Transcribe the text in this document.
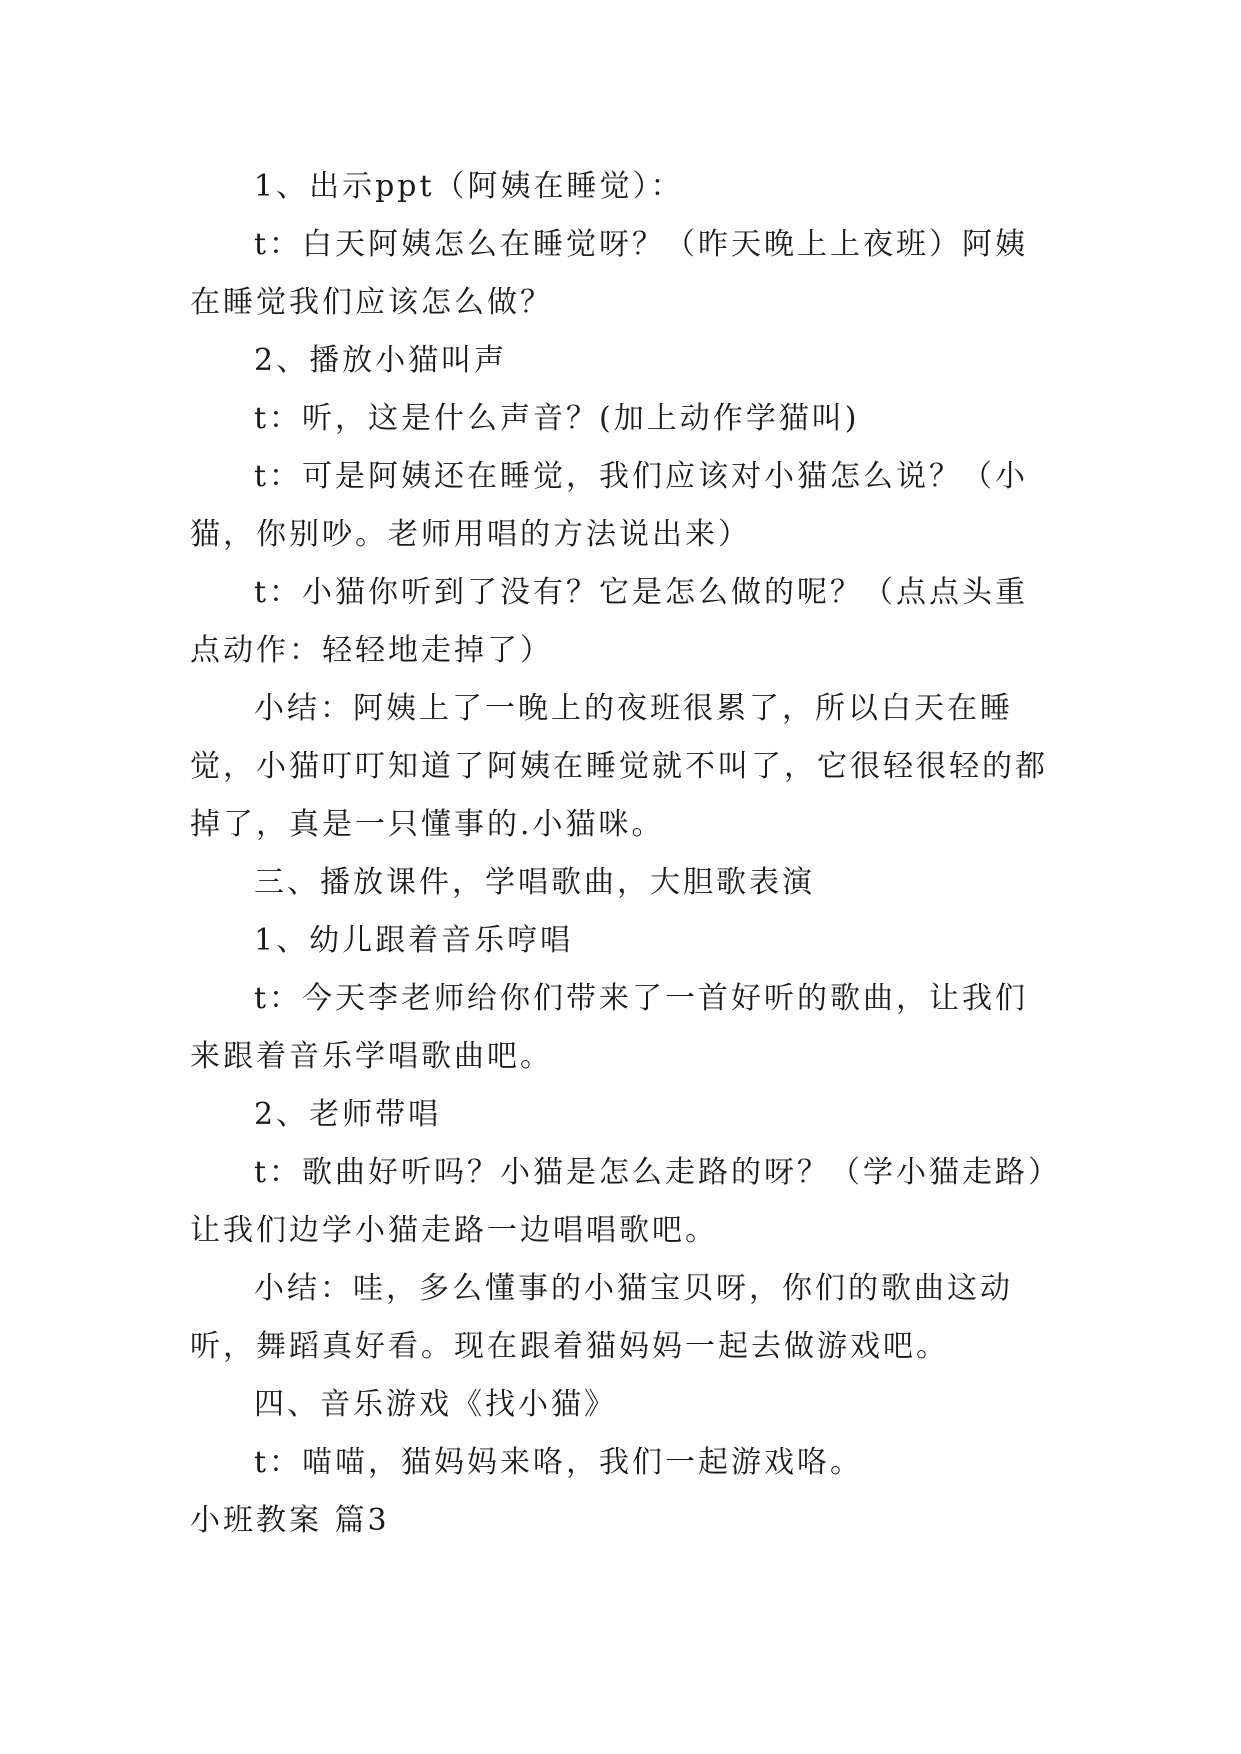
1、出示ppt（阿姨在睡觉）：

t：白天阿姨怎么在睡觉呀？（昨天晚上上夜班）阿姨在睡觉我们应该怎么做？

2、播放小猫叫声

t：听，这是什么声音？(加上动作学猫叫)

t：可是阿姨还在睡觉，我们应该对小猫怎么说？（小猫，你别吵。老师用唱的方法说出来）

t：小猫你听到了没有？它是怎么做的呢？（点点头重点动作：轻轻地走掉了）

小结：阿姨上了一晚上的夜班很累了，所以白天在睡觉，小猫叮叮知道了阿姨在睡觉就不叫了，它很轻很轻的都掉了，真是一只懂事的.小猫咪。

三、播放课件，学唱歌曲，大胆歌表演

1、幼儿跟着音乐哼唱

t：今天李老师给你们带来了一首好听的歌曲，让我们来跟着音乐学唱歌曲吧。

2、老师带唱

t：歌曲好听吗？小猫是怎么走路的呀？（学小猫走路）让我们边学小猫走路一边唱唱歌吧。

小结：哇，多么懂事的小猫宝贝呀，你们的歌曲这动听，舞蹈真好看。现在跟着猫妈妈一起去做游戏吧。

四、音乐游戏《找小猫》

t：喵喵，猫妈妈来咯，我们一起游戏咯。

小班教案 篇3
